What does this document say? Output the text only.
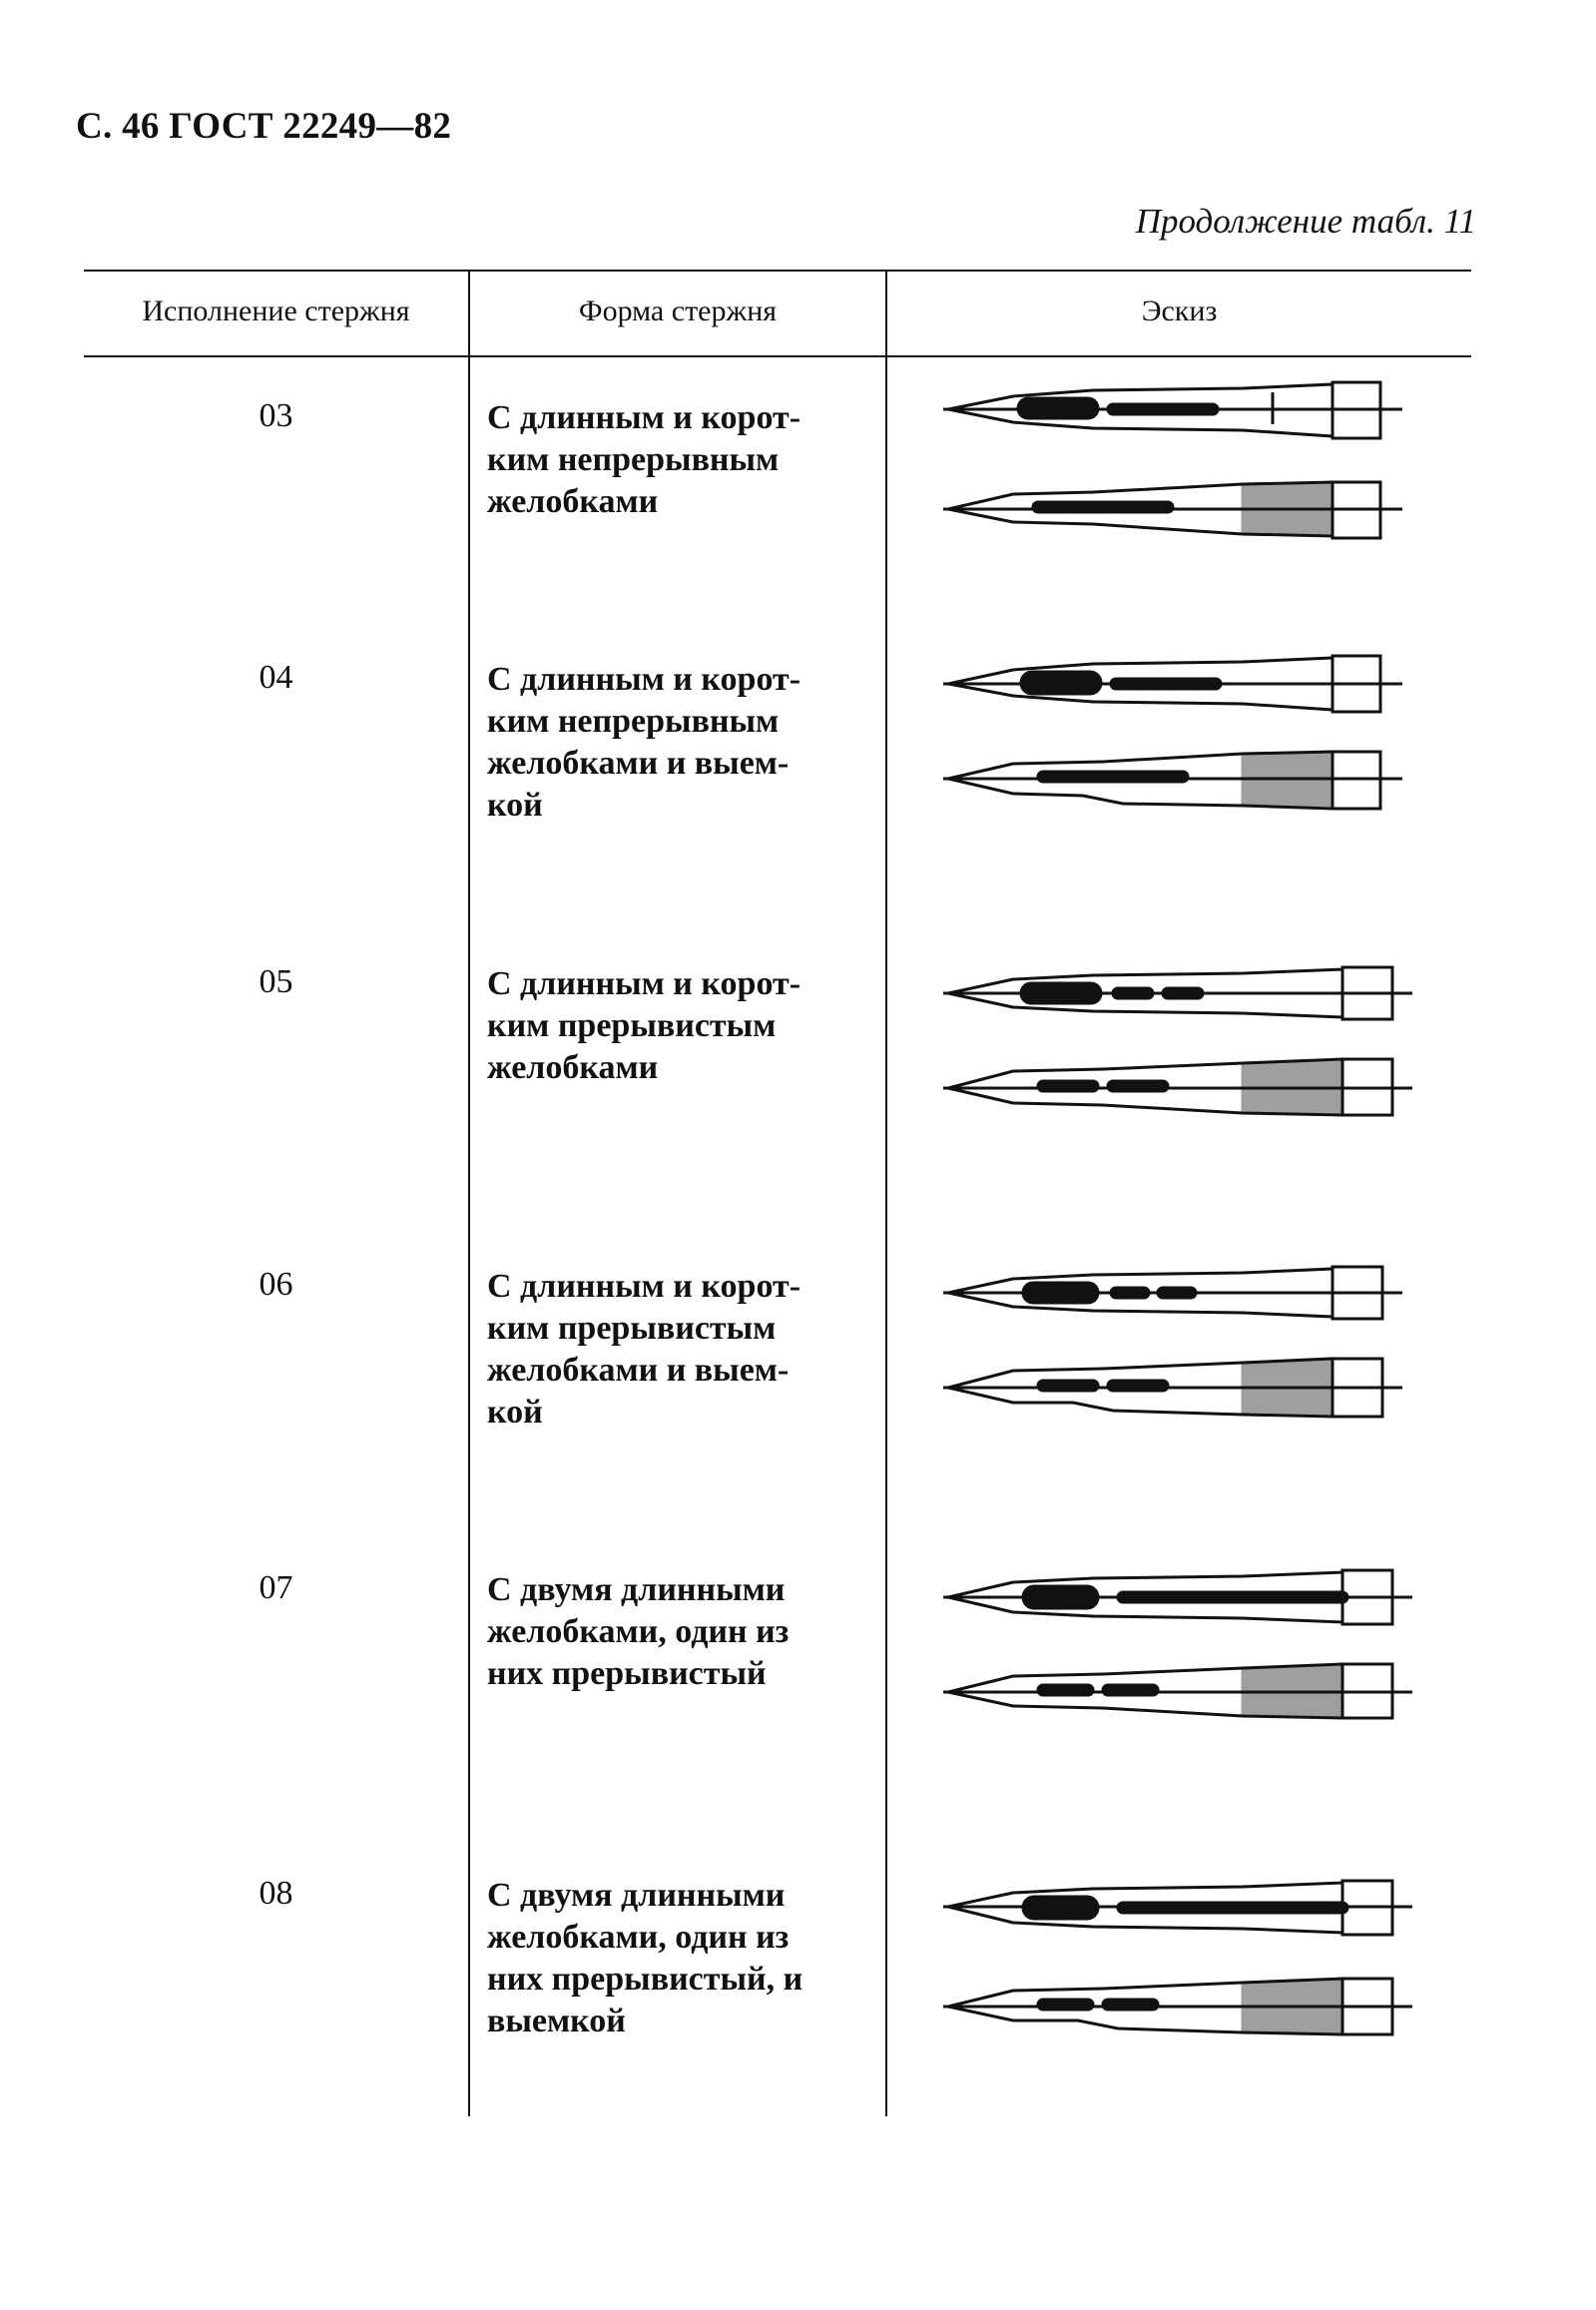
С. 46 ГОСТ 22249—82
Продолжение табл. 11
Исполнение стержня	Форма стержня	Эскиз
03	С длинным и корот-
ким непрерывным
желобками
04	С длинным и корот-
ким непрерывным
желобками и выем-
кой
05	С длинным и корот-
ким прерывистым
желобками
06	С длинным и корот-
ким прерывистым
желобками и выем-
кой
07	С двумя длинными
желобками, один из
них прерывистый
08	С двумя длинными
желобками, один из
них прерывистый, и
выемкой
